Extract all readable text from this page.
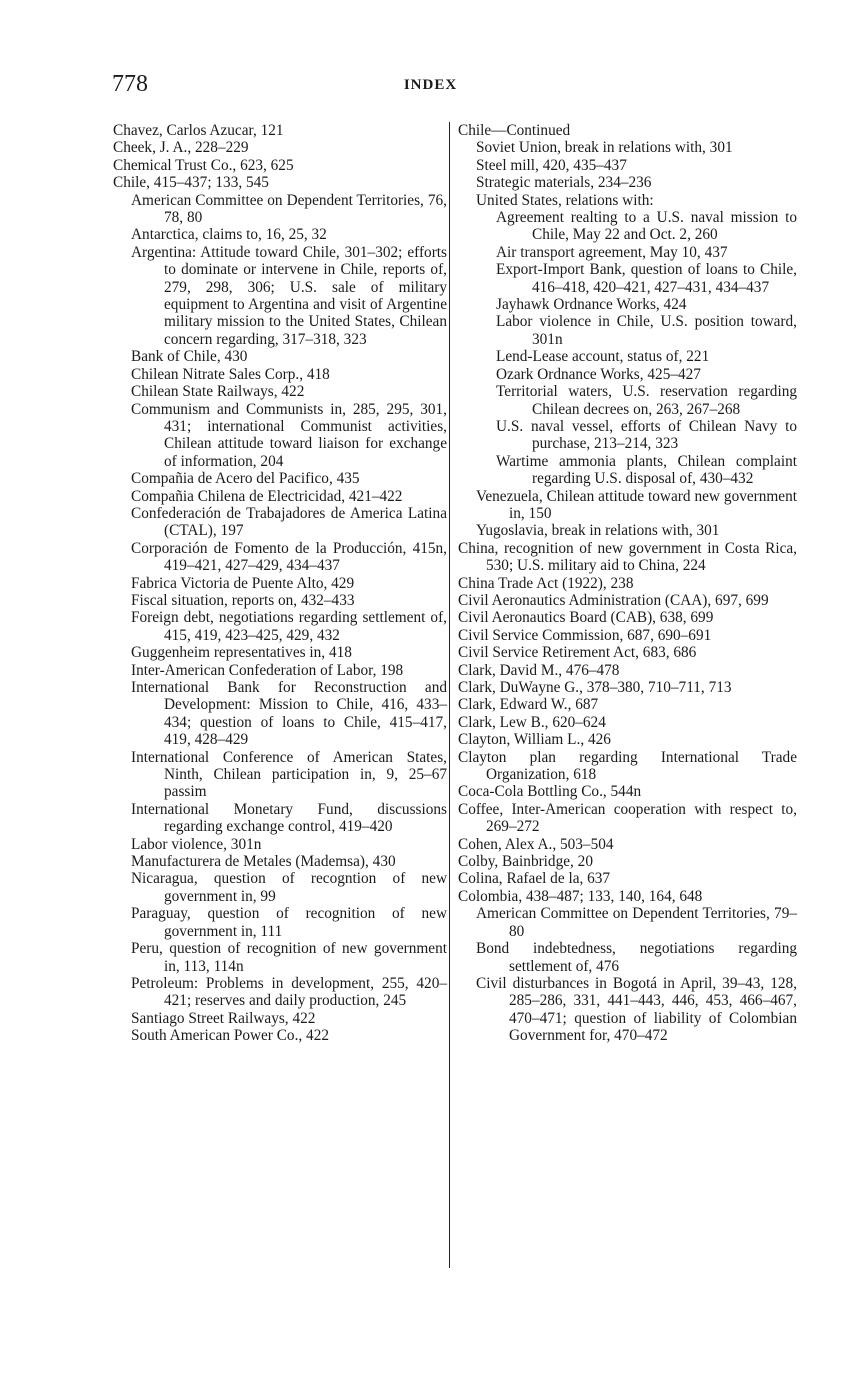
778	INDEX
Chavez, Carlos Azucar, 121
Cheek, J. A., 228–229
Chemical Trust Co., 623, 625
Chile, 415–437; 133, 545
American Committee on Dependent Territories, 76, 78, 80
Antarctica, claims to, 16, 25, 32
Argentina: Attitude toward Chile, 301–302; efforts to dominate or intervene in Chile, reports of, 279, 298, 306; U.S. sale of military equipment to Argentina and visit of Argentine military mission to the United States, Chilean concern regarding, 317–318, 323
Bank of Chile, 430
Chilean Nitrate Sales Corp., 418
Chilean State Railways, 422
Communism and Communists in, 285, 295, 301, 431; international Communist activities, Chilean attitude toward liaison for exchange of information, 204
Compañia de Acero del Pacifico, 435
Compañia Chilena de Electricidad, 421–422
Confederación de Trabajadores de America Latina (CTAL), 197
Corporación de Fomento de la Producción, 415n, 419–421, 427–429, 434–437
Fabrica Victoria de Puente Alto, 429
Fiscal situation, reports on, 432–433
Foreign debt, negotiations regarding settlement of, 415, 419, 423–425, 429, 432
Guggenheim representatives in, 418
Inter-American Confederation of Labor, 198
International Bank for Reconstruction and Development: Mission to Chile, 416, 433–434; question of loans to Chile, 415–417, 419, 428–429
International Conference of American States, Ninth, Chilean participation in, 9, 25–67 passim
International Monetary Fund, discussions regarding exchange control, 419–420
Labor violence, 301n
Manufacturera de Metales (Mademsa), 430
Nicaragua, question of recogntion of new government in, 99
Paraguay, question of recognition of new government in, 111
Peru, question of recognition of new government in, 113, 114n
Petroleum: Problems in development, 255, 420–421; reserves and daily production, 245
Santiago Street Railways, 422
South American Power Co., 422
Chile—Continued
Soviet Union, break in relations with, 301
Steel mill, 420, 435–437
Strategic materials, 234–236
United States, relations with:
Agreement realting to a U.S. naval mission to Chile, May 22 and Oct. 2, 260
Air transport agreement, May 10, 437
Export-Import Bank, question of loans to Chile, 416–418, 420–421, 427–431, 434–437
Jayhawk Ordnance Works, 424
Labor violence in Chile, U.S. position toward, 301n
Lend-Lease account, status of, 221
Ozark Ordnance Works, 425–427
Territorial waters, U.S. reservation regarding Chilean decrees on, 263, 267–268
U.S. naval vessel, efforts of Chilean Navy to purchase, 213–214, 323
Wartime ammonia plants, Chilean complaint regarding U.S. disposal of, 430–432
Venezuela, Chilean attitude toward new government in, 150
Yugoslavia, break in relations with, 301
China, recognition of new government in Costa Rica, 530; U.S. military aid to China, 224
China Trade Act (1922), 238
Civil Aeronautics Administration (CAA), 697, 699
Civil Aeronautics Board (CAB), 638, 699
Civil Service Commission, 687, 690–691
Civil Service Retirement Act, 683, 686
Clark, David M., 476–478
Clark, DuWayne G., 378–380, 710–711, 713
Clark, Edward W., 687
Clark, Lew B., 620–624
Clayton, William L., 426
Clayton plan regarding International Trade Organization, 618
Coca-Cola Bottling Co., 544n
Coffee, Inter-American cooperation with respect to, 269–272
Cohen, Alex A., 503–504
Colby, Bainbridge, 20
Colina, Rafael de la, 637
Colombia, 438–487; 133, 140, 164, 648
American Committee on Dependent Territories, 79–80
Bond indebtedness, negotiations regarding settlement of, 476
Civil disturbances in Bogotá in April, 39–43, 128, 285–286, 331, 441–443, 446, 453, 466–467, 470–471; question of liability of Colombian Government for, 470–472
